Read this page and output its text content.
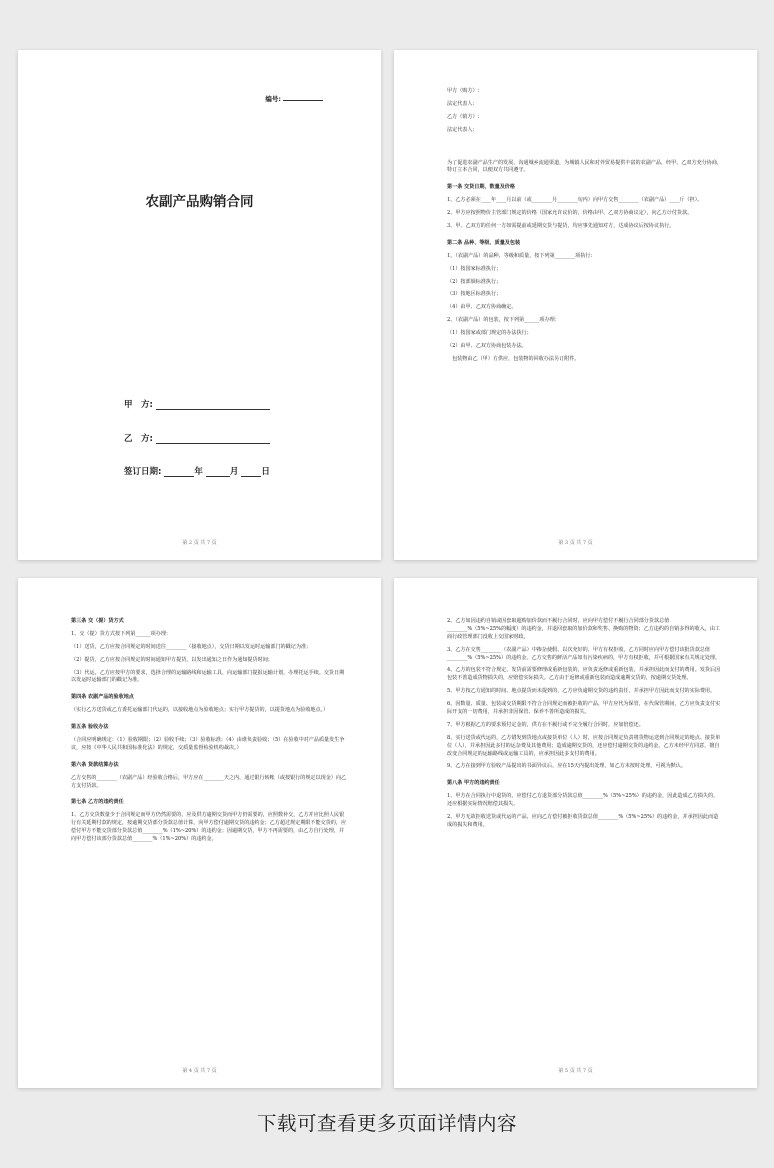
编号:
农副产品购销合同
甲　方:
乙　方:
签订日期:	年	月	日
第 2 页 共 7 页

甲方（购方）:

法定代表人:

乙方（销方）:

法定代表人:

为了促进农副产品生产的发展，沟通城乡流通渠道，为城镇人民和对外贸易提供丰富的农副产品，经甲、乙双方充分协商，特订立本合同，以便双方共同遵守。

第一条 交货日期、数量及价格

1、乙方必须在____年____月以前（或________月________旬内）向甲方交售________（农副产品）____斤（担）。

2、甲方应按照物价主管部门规定的价格（国家允许议价的，价格由甲、乙双方协商议定），向乙方计付货款。

3、甲、乙双方的任何一方如需提前或延期交货与提货，均应事先通知对方，达成协议后按协议执行。

第二条 品种、等级、质量及包装

1、（农副产品）的品种、等级和质量，按下列第________项执行：

（1）按国家标准执行；

（2）按部颁标准执行；

（3）按地区标准执行；

（4）由甲、乙双方协商确定。

2、（农副产品）的包装，按下列第______项办理：

（1）按国家或部门规定的办法执行；

（2）由甲、乙双方协商包装办法。

　包装物由乙（甲）方供应，包装物的回收办法另订附件。

第 3 页 共 7 页

第三条 交（提）货方式

1、交（提）货方式按下列第______项办理：

（1）送货，乙方应按合同规定的时间送往________（接收地点），交货日期以发运时运输部门的戳记为准；

（2）提货，乙方应按合同规定的时间通知甲方提货，以发出通知之日作为通知提货时间；

（3）代运，乙方应按甲方的要求，选择合理的运输路线和运输工具，向运输部门提报运输计划，办理托运手续。交货日期以发运时运输部门的戳记为准。

第四条 农副产品的验收地点

（实行乙方送货或乙方委托运输部门代运的，以接收地点为验收地点；实行甲方提货的，以提货地点为验收地点。）

第五条 验收办法

（合同应明确规定：（1）验收期限；（2）验收手续；（3）验收标准；（4）由谁负责验收；（5）在验收中对产品质量发生争议，应按《中华人民共和国标准化法》的规定，交质量监督检验机构裁决。）

第六条 货款结算办法

乙方交售的________（农副产品）经验收合格后，甲方应在________天之内，通过银行转帐（或按银行的规定以现金）向乙方支付货款。

第七条 乙方的违约责任

1、乙方交货数量少于合同规定而甲方仍然需要的，应及供方逾期交货而甲方仍需要的，应照数补交，乙方并应比照人民银行有关延期付款的规定，按逾期交货部分货款总值计算，向甲方偿付逾期交货的违约金；乙方超过规定期限不能交货的，应偿付甲方不能交货部分货款总值________%（1%~20%）的违约金；因逾期交货，甲方不再需要的，由乙方自行处理，并向甲方偿付该部分货款总值________%（1%~20%）的违约金。

第 4 页 共 7 页

2、乙方如因违约自销或因套取超购加价款而不履行合同时，应向甲方偿付不履行合同部分货款总值________%（5%~25%的幅度）的违约金，并退回套取的加价款和奖售、换购的物资；乙方违约的自销多得的收入，由工商行政管理部门没收上交国家财政。

3、乙方在交售________（农副产品）中掺杂使假、以次充好的，甲方有权拒收，乙方同时应向甲方偿付该批货款总值________%（5%~25%）的违约金。乙方交售的鲜活产品如有污染疾病的，甲方有权拒收，并可根据国家有关规定处理。

4、乙方的包装不符合规定，发货前需要修理或重新包装的，应负责返修或重新包装，并承担因此而支付的费用。发货后因包装不善造成货物损失的，应赔偿实际损失。乙方由于返修或重新包装而造成逾期交货的，按逾期交货处理。

5、甲方按乙方通知的时间、地点提货而未提到的，乙方应负逾期交货的违约责任，并承担甲方因此而支付的实际费用。

6、因数量、质量、包装或交货期限不符合合同规定而被拒收的产品，甲方应代为保管，在代保管期间，乙方应负责支付实际开支的一切费用，并承担非因保管、保养不善所造成的损失。

7、甲方根据乙方的要求预付定金的，供方在不履行或不完全履行合同时，应加倍偿还。

8、实行送货或代运的，乙方错发到货地点或接货单位（人）时，应按合同规定负责将货物运送到合同规定的地点、接货单位（人），并承担因此多付的运杂费及其他费用；造成逾期交货的，还应偿付逾期交货的违约金。乙方未经甲方同意，擅自改变合同规定的运输路线或运输工具的，应承担因此多支付的费用。

9、乙方在接到甲方验收产品提出的书面异议后，应在15天内提出处理，如乙方未按时处理，可视为默认。

第八条 甲方的违约责任

1、甲方在合同执行中退货的，应偿付乙方退货部分货款总值________%（5%~25%）的违约金，因此造成乙方损失的，还应根据实际情况赔偿其损失。

2、甲方无故拒收送货或代运的产品，应向乙方偿付被拒收货款总值________%（5%~25%）的违约金，并承担因此而造成的损失和费用。

第 5 页 共 7 页
下载可查看更多页面详情内容
